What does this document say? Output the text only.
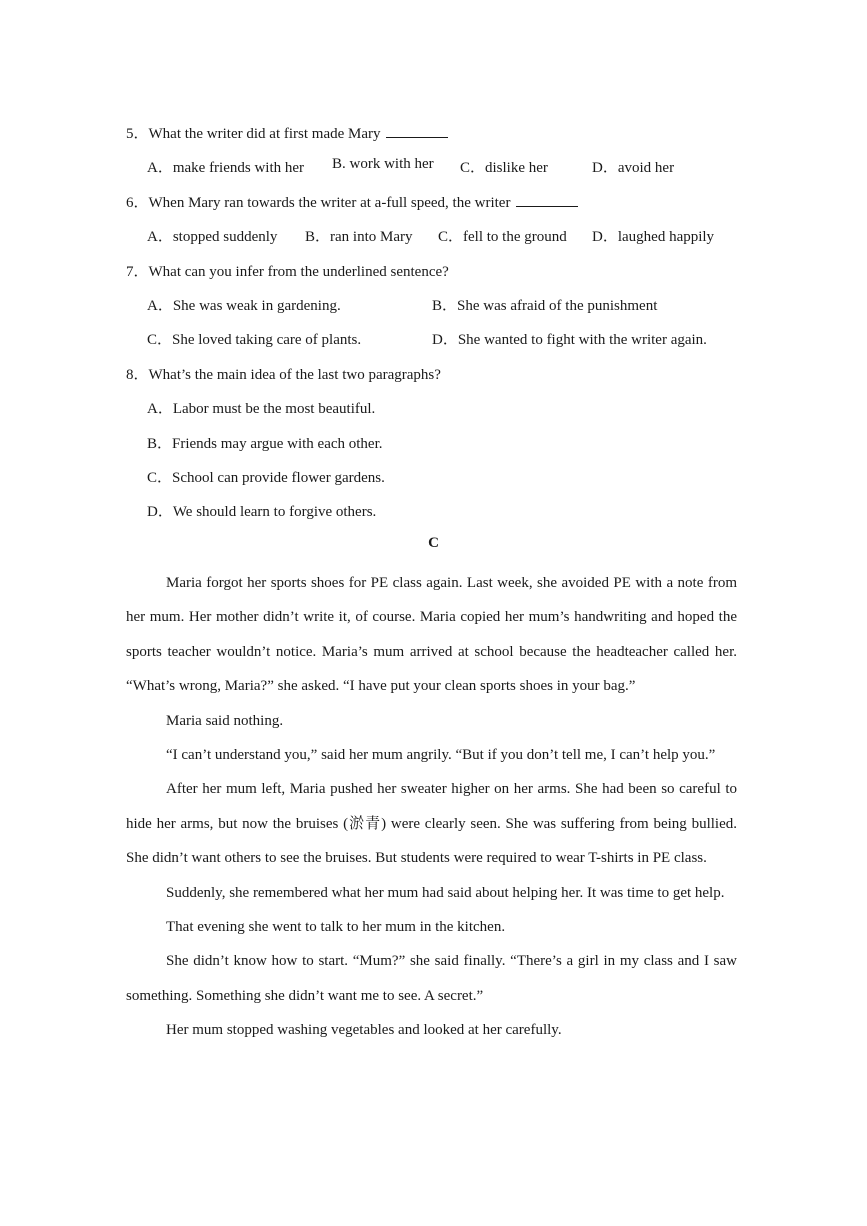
5．What the writer did at first made Mary
A．make friends with her B. work with her C．dislike her	D．avoid her
6．When Mary ran towards the writer at a-full speed, the writer
A．stopped suddenly B．ran into Mary C．fell to the ground D．laughed happily
7．What can you infer from the underlined sentence?
A．She was weak in gardening.	B．She was afraid of the punishment
C．She loved taking care of plants.	D．She wanted to fight with the writer again.
8．What’s the main idea of the last two paragraphs?
A．Labor must be the most beautiful.
B．Friends may argue with each other.
C．School can provide flower gardens.
D．We should learn to forgive others.
C

Maria forgot her sports shoes for PE class again. Last week, she avoided PE with a note from her mum. Her mother didn’t write it, of course. Maria copied her mum’s handwriting and hoped the sports teacher wouldn’t notice. Maria’s mum arrived at school because the headteacher called her. “What’s wrong, Maria?” she asked. “I have put your clean sports shoes in your bag.”

Maria said nothing.

“I can’t understand you,” said her mum angrily. “But if you don’t tell me, I can’t help you.”

After her mum left, Maria pushed her sweater higher on her arms. She had been so careful to hide her arms, but now the bruises (淤青) were clearly seen. She was suffering from being bullied. She didn’t want others to see the bruises. But students were required to wear T-shirts in PE class.

Suddenly, she remembered what her mum had said about helping her. It was time to get help.

That evening she went to talk to her mum in the kitchen.

She didn’t know how to start. “Mum?” she said finally. “There’s a girl in my class and I saw something. Something she didn’t want me to see. A secret.”

Her mum stopped washing vegetables and looked at her carefully.
